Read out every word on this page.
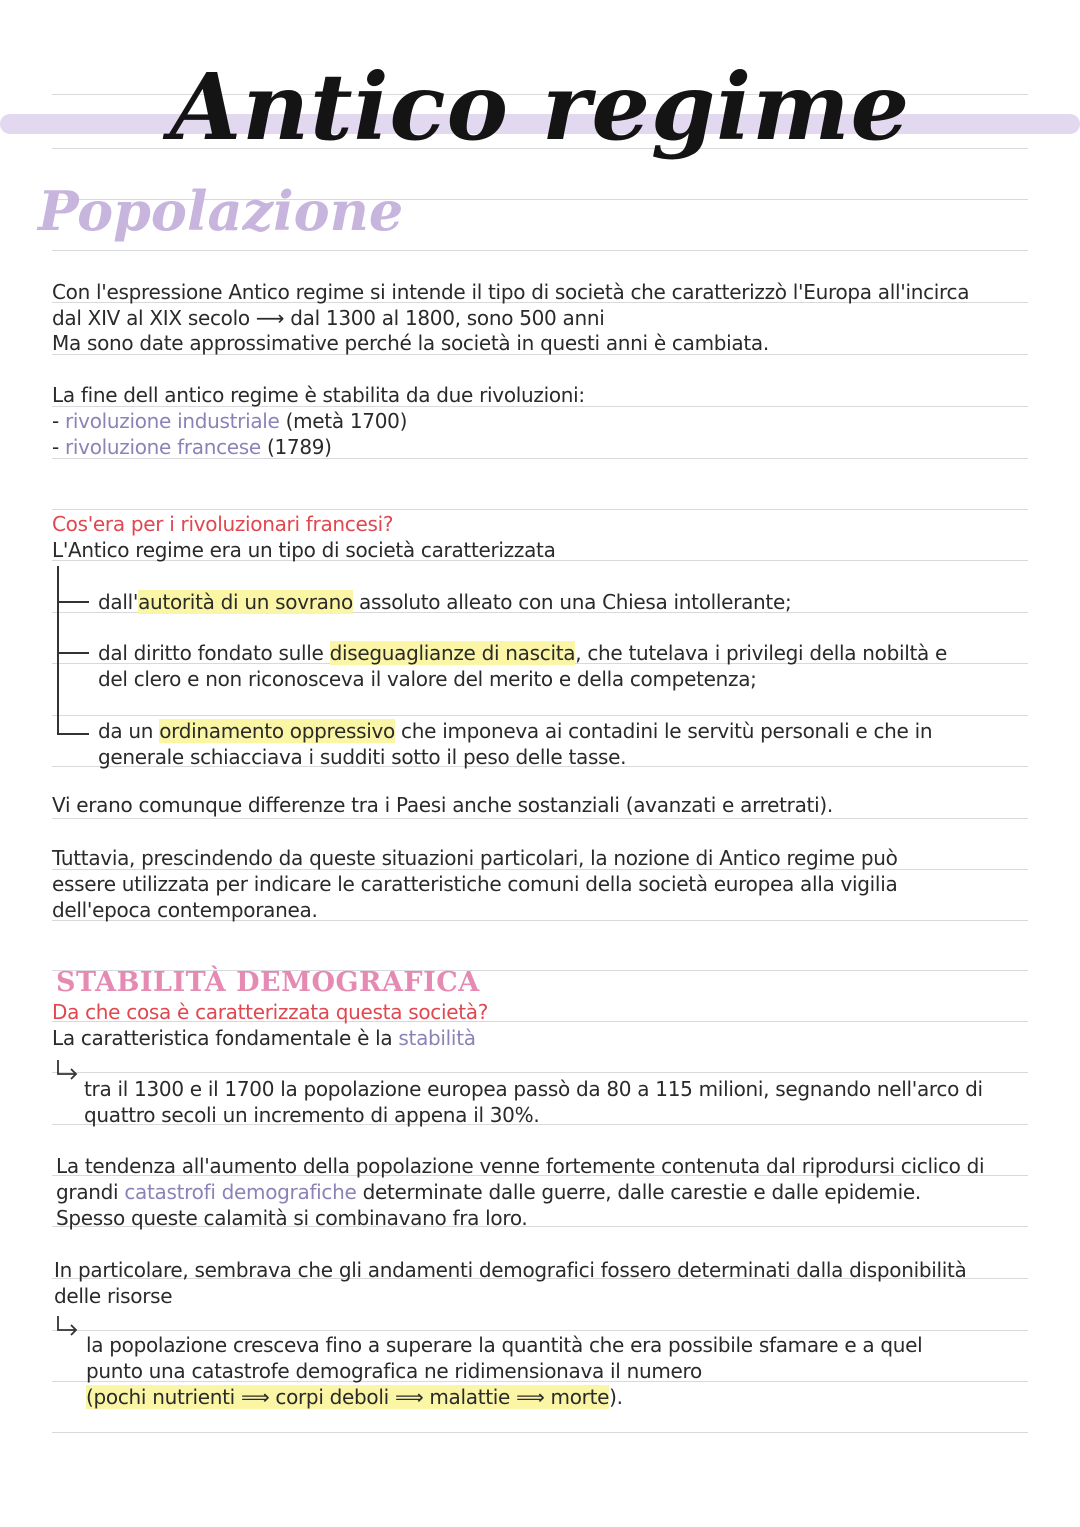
Antico regime
Popolazione
Con l'espressione Antico regime si intende il tipo di società che caratterizzò l'Europa all'incirca
dal XIV al XIX secolo ⟶ dal 1300 al 1800, sono 500 anni
Ma sono date approssimative perché la società in questi anni è cambiata.
La fine dell antico regime è stabilita da due rivoluzioni:
- rivoluzione industriale (metà 1700)
- rivoluzione francese (1789)
Cos'era per i rivoluzionari francesi?
L'Antico regime era un tipo di società caratterizzata
dall'autorità di un sovrano assoluto alleato con una Chiesa intollerante;
dal diritto fondato sulle diseguaglianze di nascita, che tutelava i privilegi della nobiltà e
del clero e non riconosceva il valore del merito e della competenza;
da un ordinamento oppressivo che imponeva ai contadini le servitù personali e che in
generale schiacciava i sudditi sotto il peso delle tasse.
Vi erano comunque differenze tra i Paesi anche sostanziali (avanzati e arretrati).
Tuttavia, prescindendo da queste situazioni particolari, la nozione di Antico regime può
essere utilizzata per indicare le caratteristiche comuni della società europea alla vigilia
dell'epoca contemporanea.
STABILITÀ DEMOGRAFICA
Da che cosa è caratterizzata questa società?
La caratteristica fondamentale è la stabilità
tra il 1300 e il 1700 la popolazione europea passò da 80 a 115 milioni, segnando nell'arco di
quattro secoli un incremento di appena il 30%.
La tendenza all'aumento della popolazione venne fortemente contenuta dal riprodursi ciclico di
grandi catastrofi demografiche determinate dalle guerre, dalle carestie e dalle epidemie.
Spesso queste calamità si combinavano fra loro.
In particolare, sembrava che gli andamenti demografici fossero determinati dalla disponibilità
delle risorse
la popolazione cresceva fino a superare la quantità che era possibile sfamare e a quel
punto una catastrofe demografica ne ridimensionava il numero
(pochi nutrienti ⟹ corpi deboli ⟹ malattie ⟹ morte).
